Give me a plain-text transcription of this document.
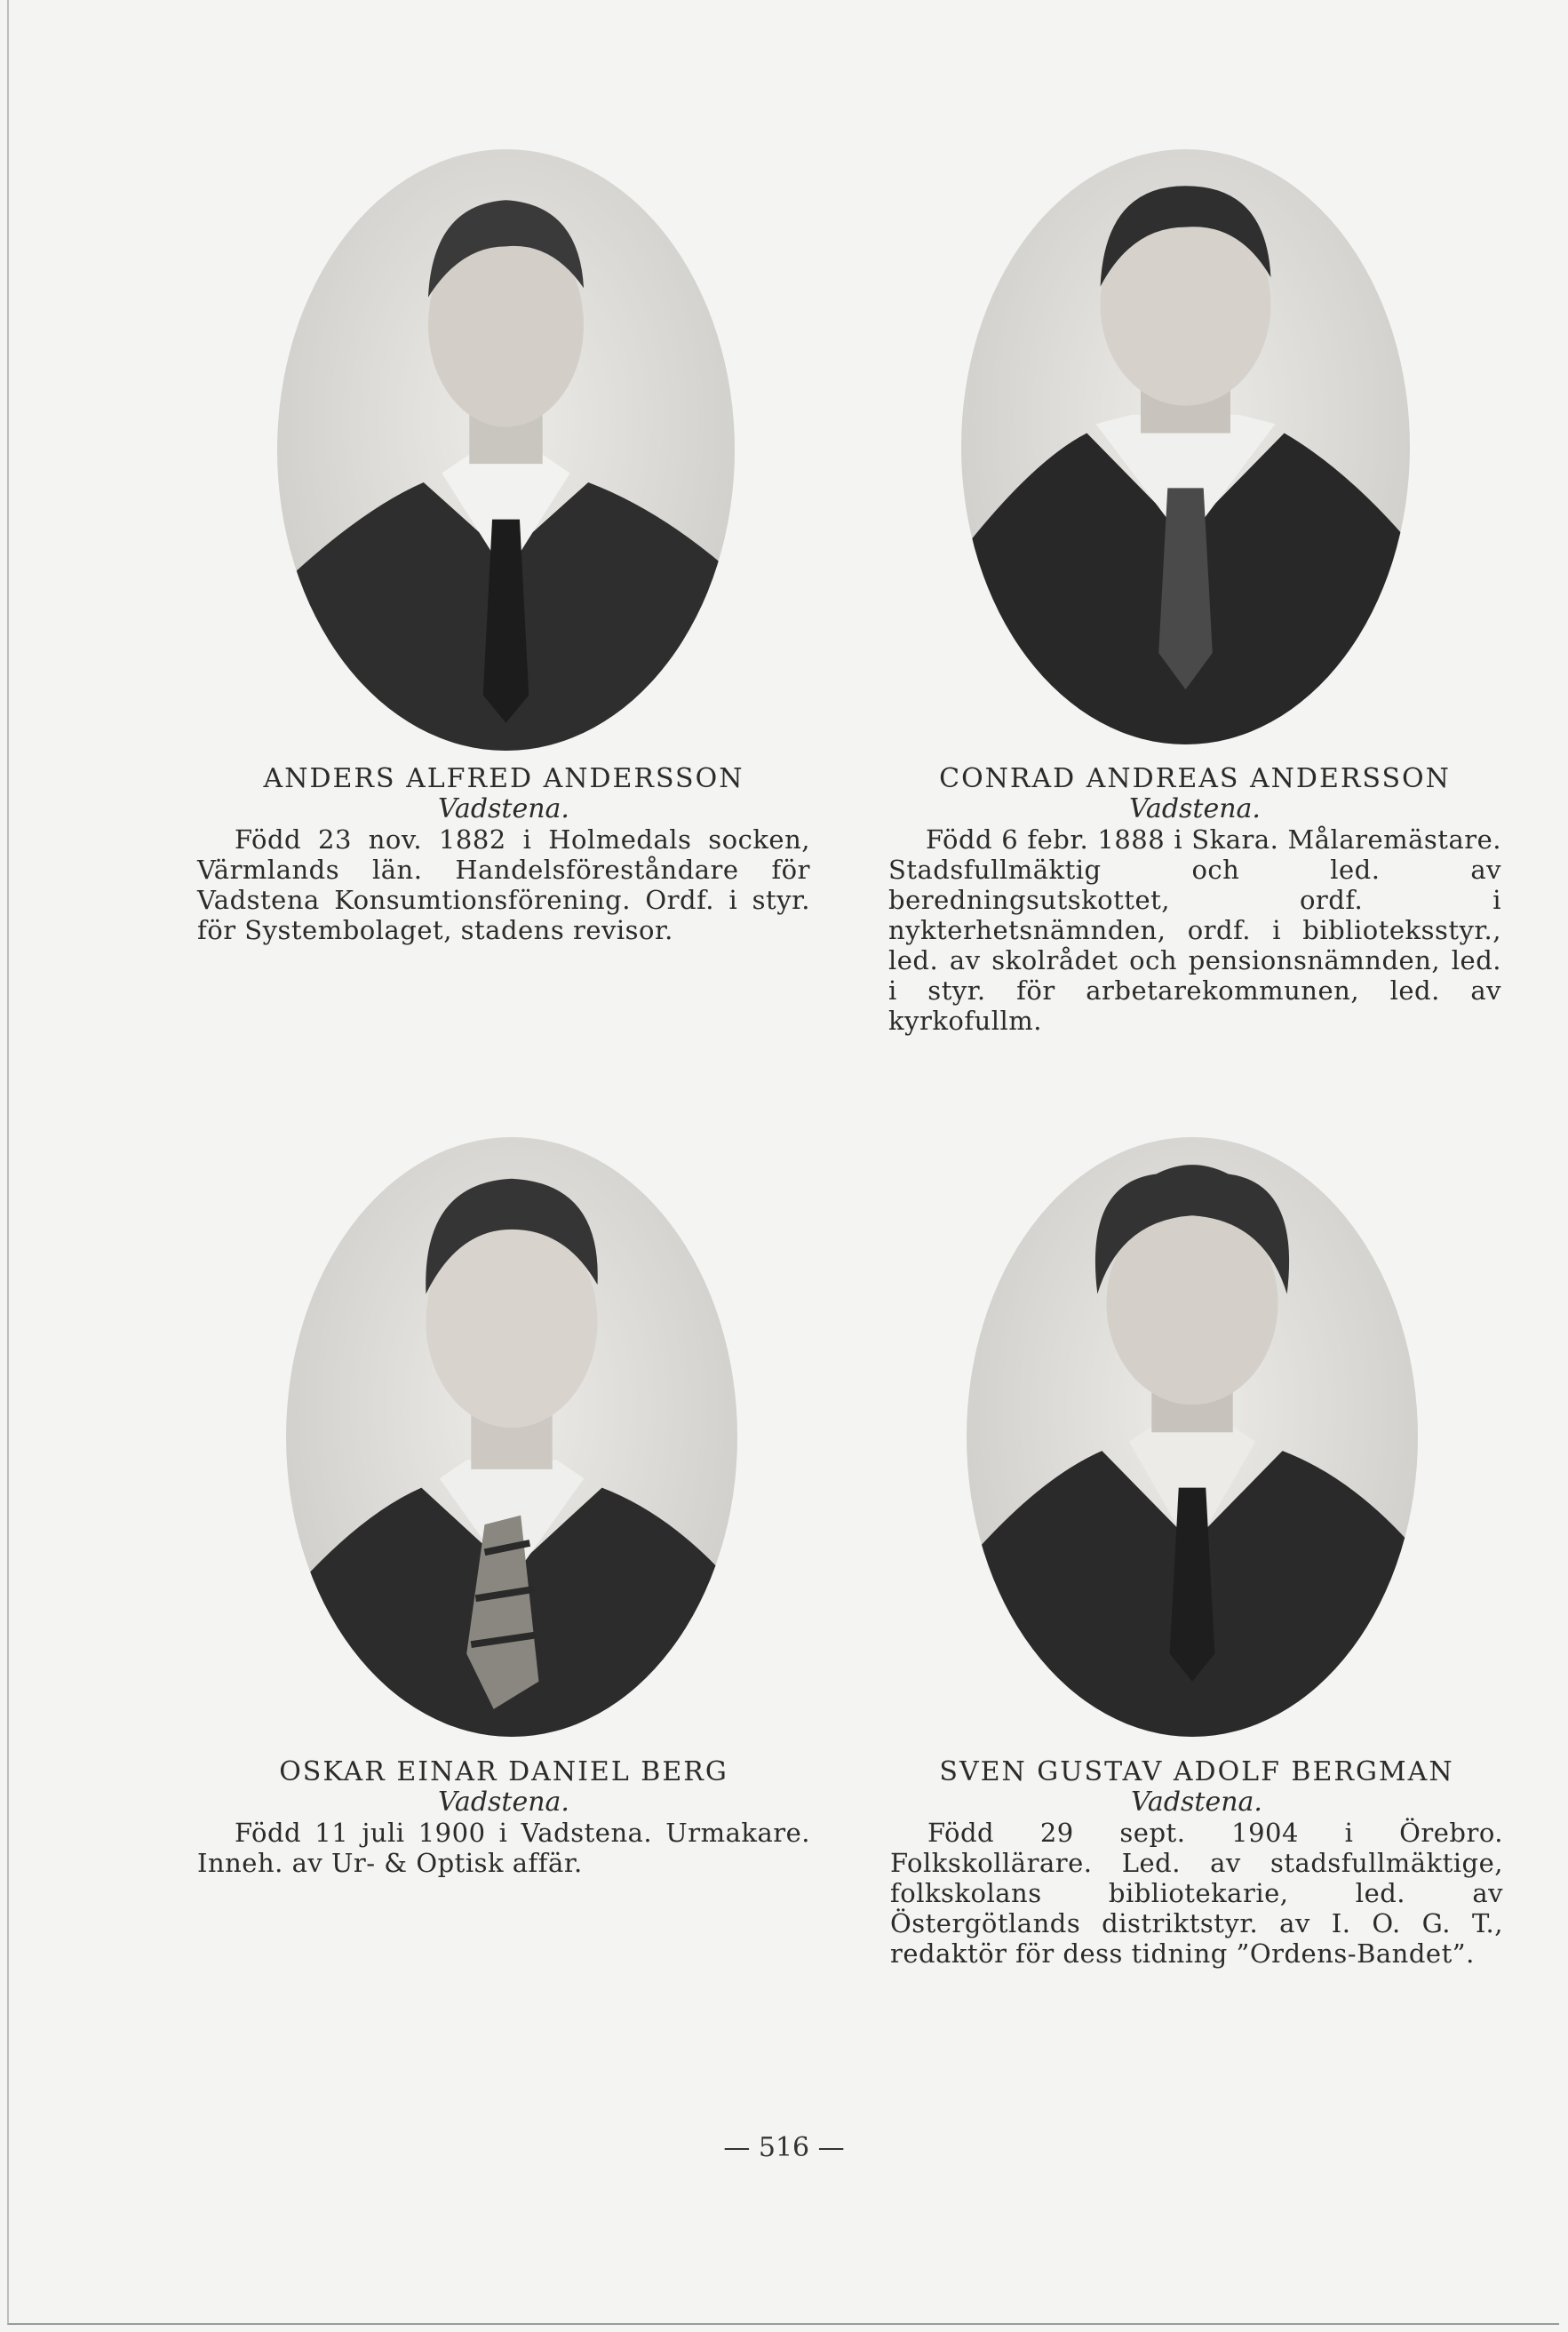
ANDERS ALFRED ANDERSSON
Vadstena.
Född 23 nov. 1882 i Holmedals socken, Värmlands län. Handelsföreståndare för Vadstena Konsumtionsförening. Ordf. i styr. för Systembolaget, stadens revisor.
CONRAD ANDREAS ANDERSSON
Vadstena.
Född 6 febr. 1888 i Skara. Målaremästare. Stadsfullmäktig och led. av beredningsutskottet, ordf. i nykterhetsnämnden, ordf. i biblioteksstyr., led. av skolrådet och pensionsnämnden, led. i styr. för arbetarekommunen, led. av kyrkofullm.
OSKAR EINAR DANIEL BERG
Vadstena.
Född 11 juli 1900 i Vadstena. Urmakare. Inneh. av Ur- & Optisk affär.
SVEN GUSTAV ADOLF BERGMAN
Vadstena.
Född 29 sept. 1904 i Örebro. Folkskollärare. Led. av stadsfullmäktige, folkskolans bibliotekarie, led. av Östergötlands distriktstyr. av I. O. G. T., redaktör för dess tidning ”Ordens-Bandet”.
— 516 —
